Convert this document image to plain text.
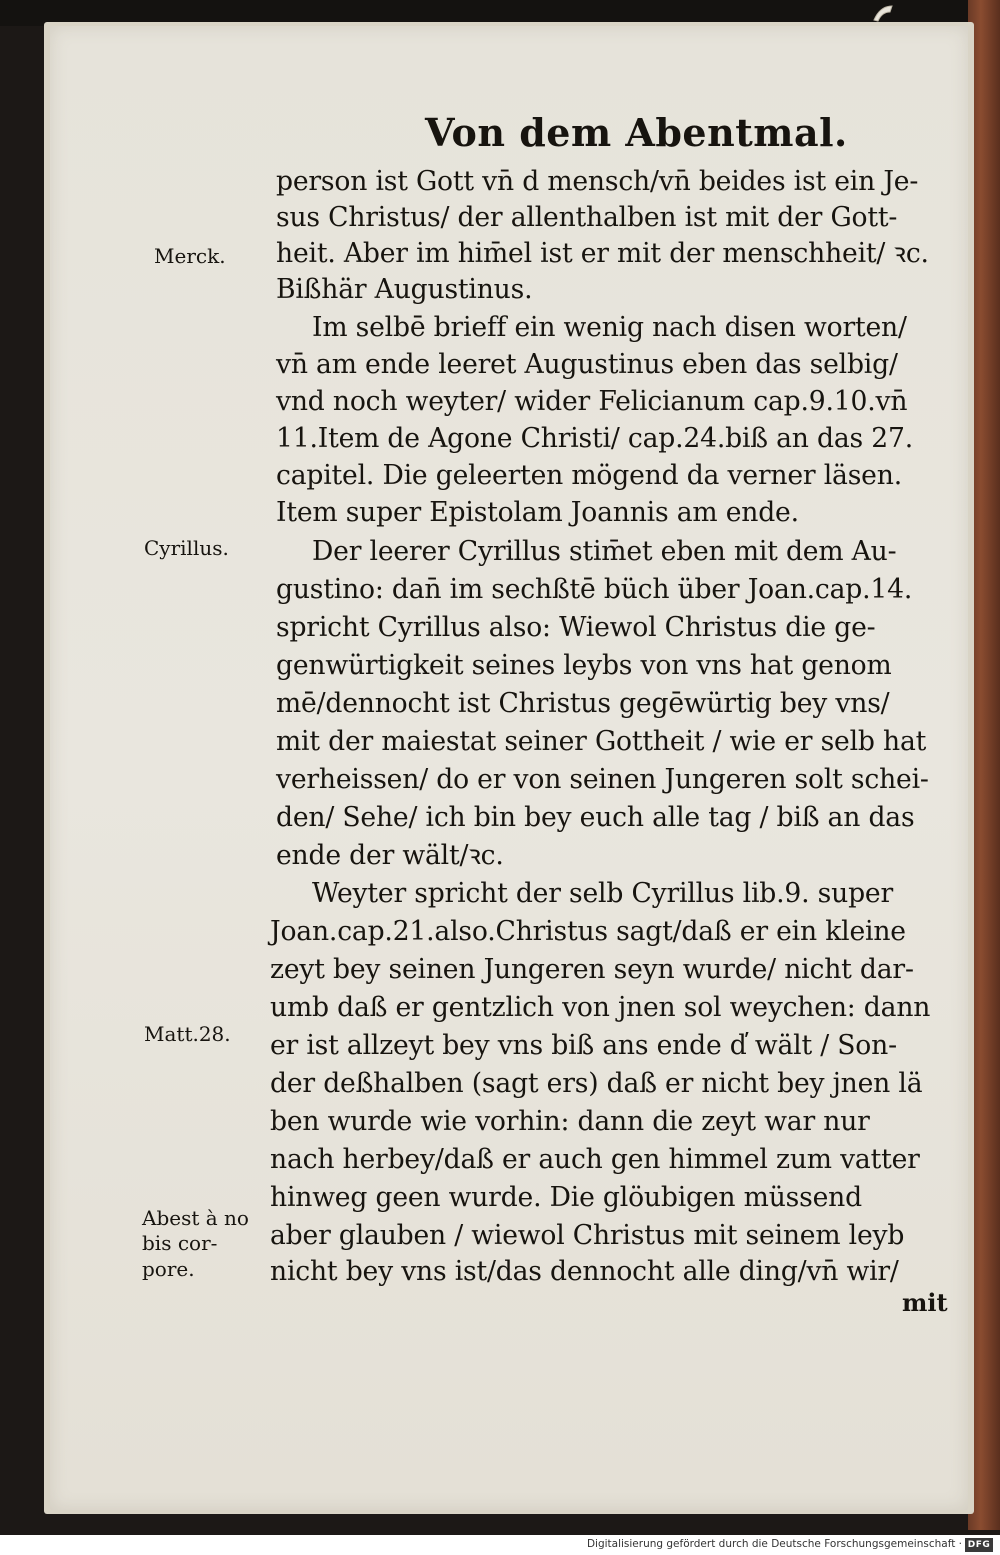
Von dem Abentmal.
person ist Gott vn̄ d mensch/vn̄ beides ist ein Je-
sus Christus/ der allenthalben ist mit der Gott-
heit. Aber im him̄el ist er mit der menschheit/ ꝛc.
Bißhär Augustinus.
Im selbē brieff ein wenig nach disen worten/
vn̄ am ende leeret Augustinus eben das selbig/
vnd noch weyter/ wider Felicianum cap.9.10.vn̄
11.Item de Agone Christi/ cap.24.biß an das 27.
capitel. Die geleerten mögend da verner läsen.
Item super Epistolam Joannis am ende.
Der leerer Cyrillus stim̄et eben mit dem Au-
gustino: dan̄ im sechßtē büch über Joan.cap.14.
spricht Cyrillus also: Wiewol Christus die ge-
genwürtigkeit seines leybs von vns hat genom
mē/dennocht ist Christus gegēwürtig bey vns/
mit der maiestat seiner Gottheit / wie er selb hat
verheissen/ do er von seinen Jungeren solt schei-
den/ Sehe/ ich bin bey euch alle tag / biß an das
ende der wält/ꝛc.
Weyter spricht der selb Cyrillus lib.9. super
Joan.cap.21.also.Christus sagt/daß er ein kleine
zeyt bey seinen Jungeren seyn wurde/ nicht dar-
umb daß er gentzlich von jnen sol weychen: dann
er ist allzeyt bey vns biß ans ende d̕ wält / Son-
der deßhalben (sagt ers) daß er nicht bey jnen lä
ben wurde wie vorhin: dann die zeyt war nur
nach herbey/daß er auch gen himmel zum vatter
hinweg geen wurde. Die glöubigen müssend
aber glauben / wiewol Christus mit seinem leyb
nicht bey vns ist/das dennocht alle ding/vn̄ wir/
Merck.
Cyrillus.
Matt.28.
Abest à no
bis cor-
pore.
mit
Digitalisierung gefördert durch die Deutsche Forschungsgemeinschaft · DFG
